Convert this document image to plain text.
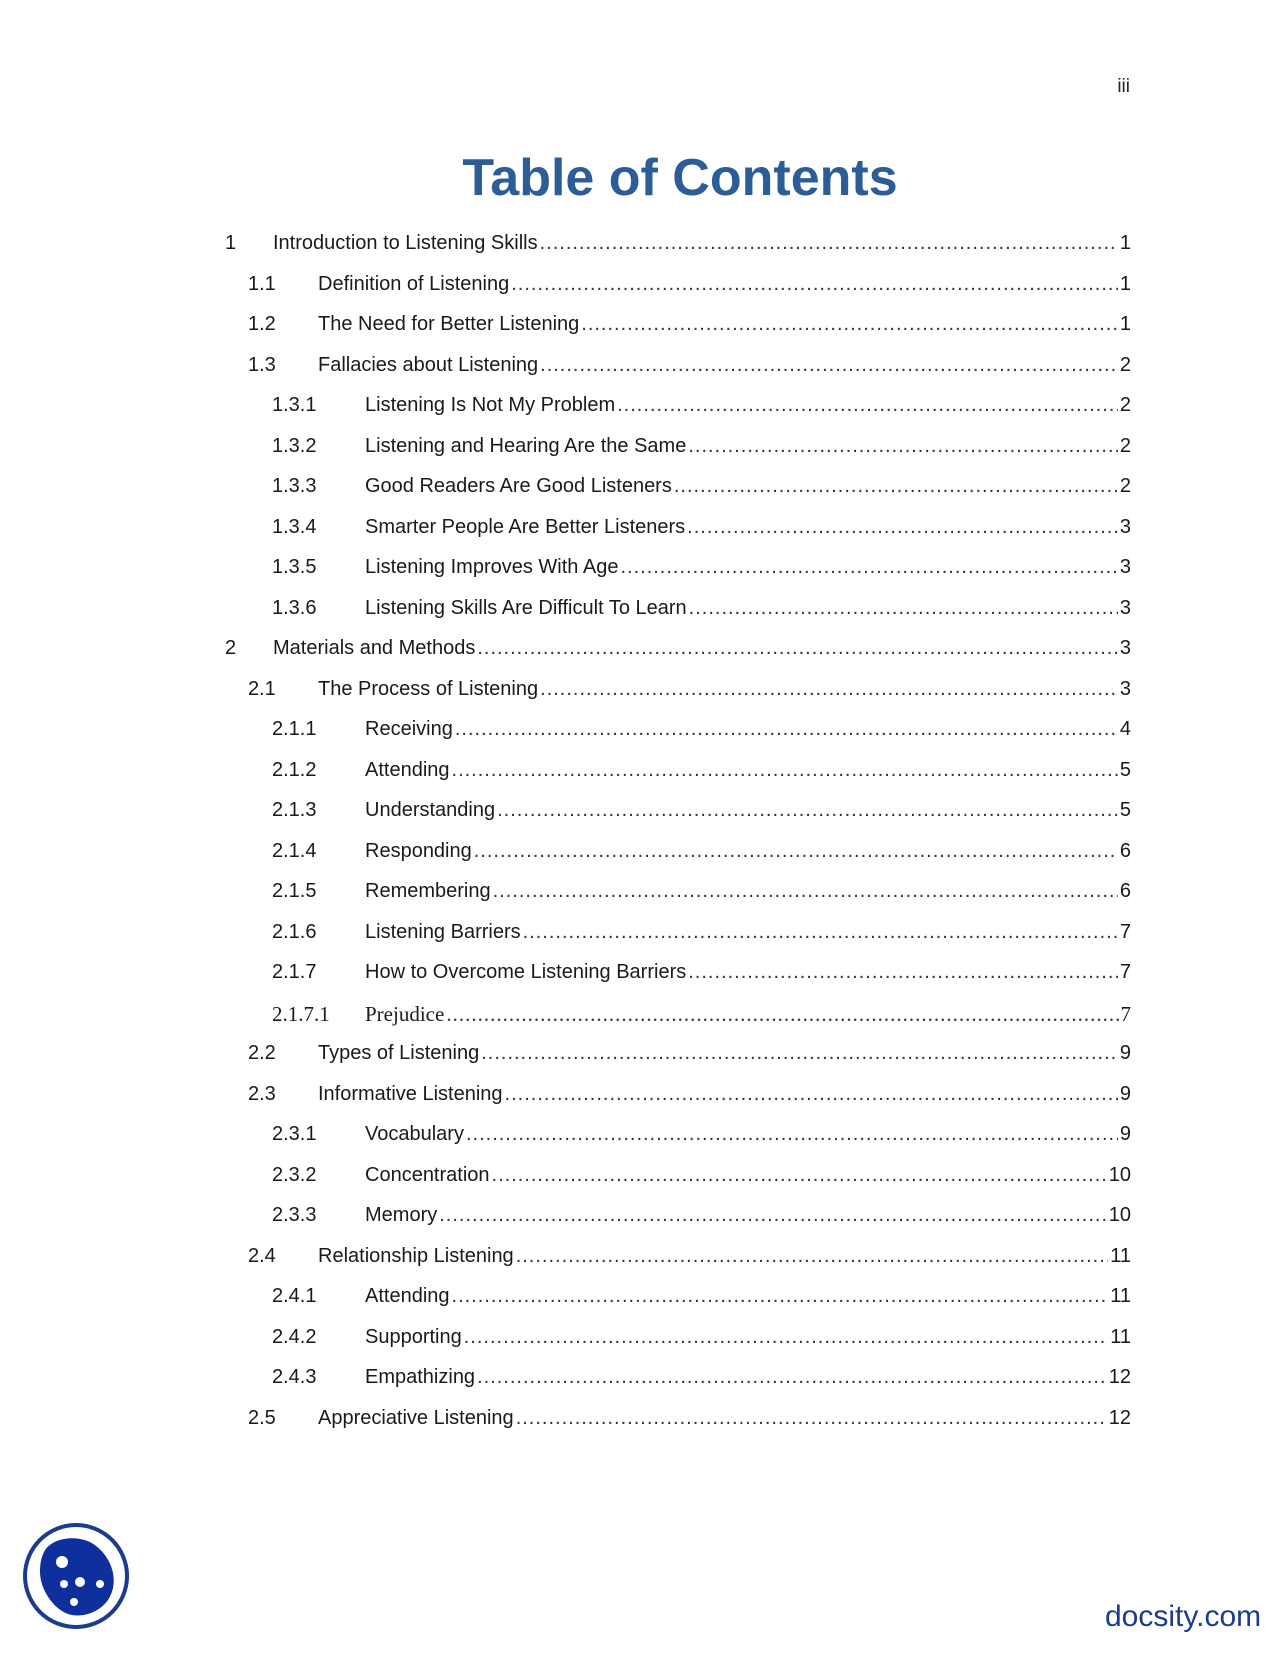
iii
Table of Contents
1	Introduction to Listening Skills .....	1
1.1	Definition of Listening .....	1
1.2	The Need for Better Listening .....	1
1.3	Fallacies about Listening .....	2
1.3.1	Listening Is Not My Problem .....	2
1.3.2	Listening and Hearing Are the Same .....	2
1.3.3	Good Readers Are Good Listeners .....	2
1.3.4	Smarter People Are Better Listeners .....	3
1.3.5	Listening Improves With Age .....	3
1.3.6	Listening Skills Are Difficult To Learn .....	3
2	Materials and Methods .....	3
2.1	The Process of Listening .....	3
2.1.1	Receiving .....	4
2.1.2	Attending .....	5
2.1.3	Understanding .....	5
2.1.4	Responding .....	6
2.1.5	Remembering .....	6
2.1.6	Listening Barriers .....	7
2.1.7	How to Overcome Listening Barriers .....	7
2.1.7.1	Prejudice .....	7
2.2	Types of Listening .....	9
2.3	Informative Listening .....	9
2.3.1	Vocabulary .....	9
2.3.2	Concentration .....	10
2.3.3	Memory .....	10
2.4	Relationship Listening .....	11
2.4.1	Attending .....	11
2.4.2	Supporting .....	11
2.4.3	Empathizing .....	12
2.5	Appreciative Listening .....	12
docsity.com
